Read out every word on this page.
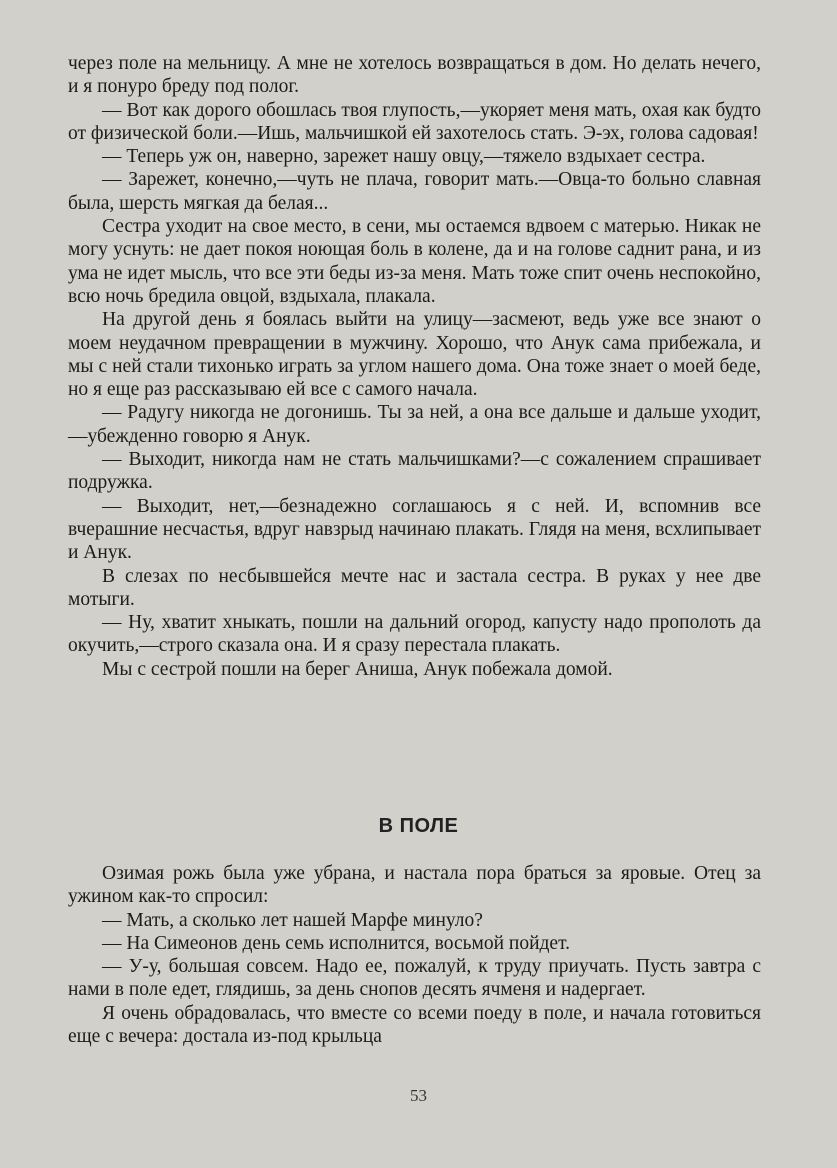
через поле на мельницу. А мне не хотелось возвращаться в дом. Но делать нечего, и я понуро бреду под полог.

— Вот как дорого обошлась твоя глупость,—укоряет меня мать, охая как будто от физической боли.—Ишь, мальчишкой ей захотелось стать. Э-эх, голова садовая!

— Теперь уж он, наверно, зарежет нашу овцу,—тяжело вздыхает сестра.

— Зарежет, конечно,—чуть не плача, говорит мать.—Овца-то больно славная была, шерсть мягкая да белая...

Сестра уходит на свое место, в сени, мы остаемся вдвоем с матерью. Никак не могу уснуть: не дает покоя ноющая боль в колене, да и на голове саднит рана, и из ума не идет мысль, что все эти беды из-за меня. Мать тоже спит очень неспокойно, всю ночь бредила овцой, вздыхала, плакала.

На другой день я боялась выйти на улицу—засмеют, ведь уже все знают о моем неудачном превращении в мужчину. Хорошо, что Анук сама прибежала, и мы с ней стали тихонько играть за углом нашего дома. Она тоже знает о моей беде, но я еще раз рассказываю ей все с самого начала.

— Радугу никогда не догонишь. Ты за ней, а она все дальше и дальше уходит,—убежденно говорю я Анук.

— Выходит, никогда нам не стать мальчишками?—с сожалением спрашивает подружка.

— Выходит, нет,—безнадежно соглашаюсь я с ней. И, вспомнив все вчерашние несчастья, вдруг навзрыд начинаю плакать. Глядя на меня, всхлипывает и Анук.

В слезах по несбывшейся мечте нас и застала сестра. В руках у нее две мотыги.

— Ну, хватит хныкать, пошли на дальний огород, капусту надо прополоть да окучить,—строго сказала она. И я сразу перестала плакать.

Мы с сестрой пошли на берег Аниша, Анук побежала домой.

В ПОЛЕ

Озимая рожь была уже убрана, и настала пора браться за яровые. Отец за ужином как-то спросил:

— Мать, а сколько лет нашей Марфе минуло?

— На Симеонов день семь исполнится, восьмой пойдет.

— У-у, большая совсем. Надо ее, пожалуй, к труду приучать. Пусть завтра с нами в поле едет, глядишь, за день снопов десять ячменя и надергает.

Я очень обрадовалась, что вместе со всеми поеду в поле, и начала готовиться еще с вечера: достала из-под крыльца

53
